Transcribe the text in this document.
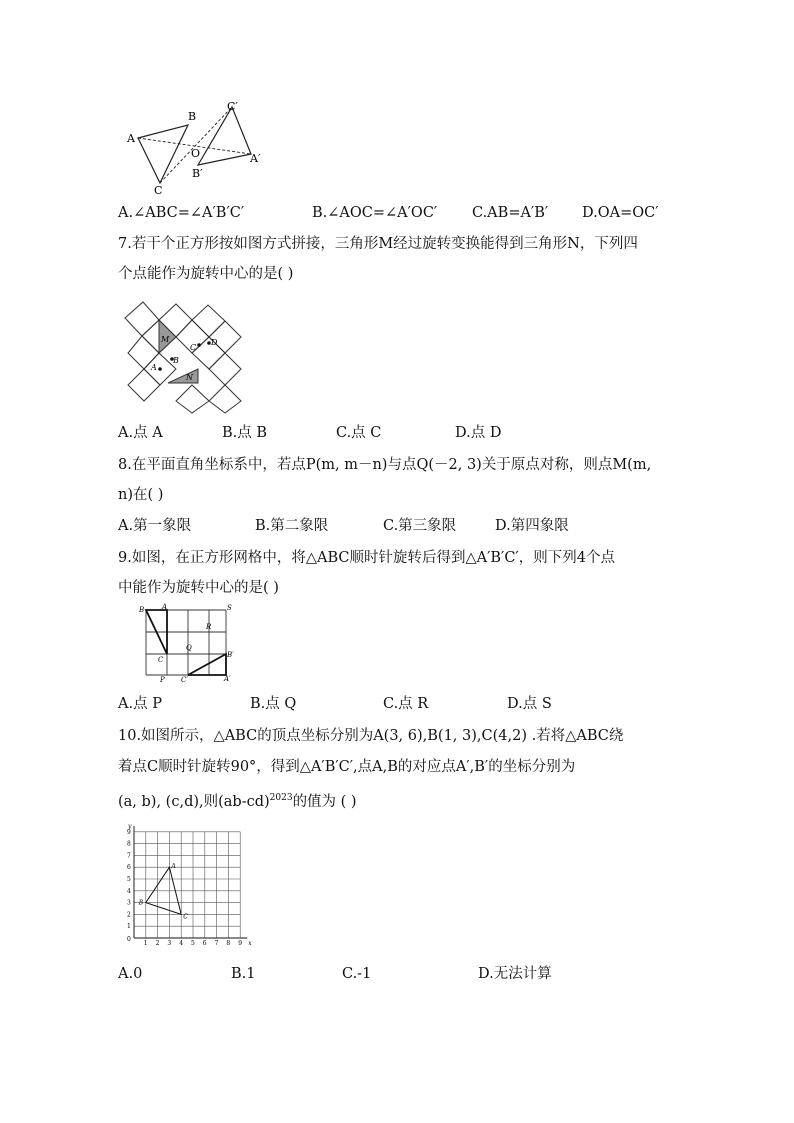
A
B
C
O
C′
B′
A′
A.∠ABC=∠A′B′C′	B.∠AOC=∠A′OC′ C.AB=A′B′ D.OA=OC′
7.若干个正方形按如图方式拼接，三角形M经过旋转变换能得到三角形N，下列四
个点能作为旋转中心的是( )
M
N
A
B
C
D
A.点 A	B.点 B	C.点 C	D.点 D
8.在平面直角坐标系中，若点P(m, m－n)与点Q(－2, 3)关于原点对称，则点M(m,
n)在( )
A.第一象限	B.第二象限	C.第三象限	D.第四象限
9.如图，在正方形网格中，将△ABC顺时针旋转后得到△A′B′C′，则下列4个点
中能作为旋转中心的是( )
B	A	S
R
Q
C
B′
A′
P C′
A.点 P	B.点 Q	C.点 R	D.点 S
10.如图所示，△ABC的顶点坐标分别为A(3, 6),B(1, 3),C(4,2) .若将△ABC绕
着点C顺时针旋转90°，得到△A′B′C′,点A,B的对应点A′,B′的坐标分别为
(a, b), (c,d),则$(ab-cd)^{2023}$的值为 ( )
1 2 3 4 5 6 7 8 9
1
2
3
4
5
6
7
8
9
A
B
C
x
y
0
A.0	B.1	C.-1	D.无法计算
